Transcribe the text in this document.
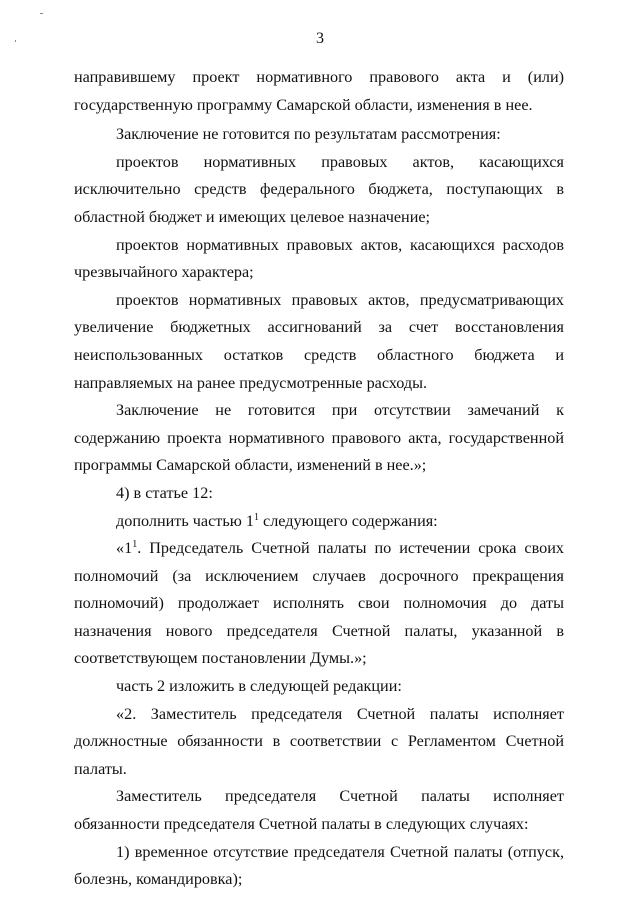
3

направившему проект нормативного правового акта и (или) государственную программу Самарской области, изменения в нее.

Заключение не готовится по результатам рассмотрения:

проектов нормативных правовых актов, касающихся исключительно средств федерального бюджета, поступающих в областной бюджет и имеющих целевое назначение;

проектов нормативных правовых актов, касающихся расходов чрезвычайного характера;

проектов нормативных правовых актов, предусматривающих увеличение бюджетных ассигнований за счет восстановления неиспользованных остатков средств областного бюджета и направляемых на ранее предусмотренные расходы.

Заключение не готовится при отсутствии замечаний к содержанию проекта нормативного правового акта, государственной программы Самарской области, изменений в нее.»;

4) в статье 12:

дополнить частью $1^1$ следующего содержания:

«$1^1$. Председатель Счетной палаты по истечении срока своих полномочий (за исключением случаев досрочного прекращения полномочий) продолжает исполнять свои полномочия до даты назначения нового председателя Счетной палаты, указанной в соответствующем постановлении Думы.»;

часть 2 изложить в следующей редакции:

«2. Заместитель председателя Счетной палаты исполняет должностные обязанности в соответствии с Регламентом Счетной палаты.

Заместитель председателя Счетной палаты исполняет обязанности председателя Счетной палаты в следующих случаях:

1) временное отсутствие председателя Счетной палаты (отпуск, болезнь, командировка);
